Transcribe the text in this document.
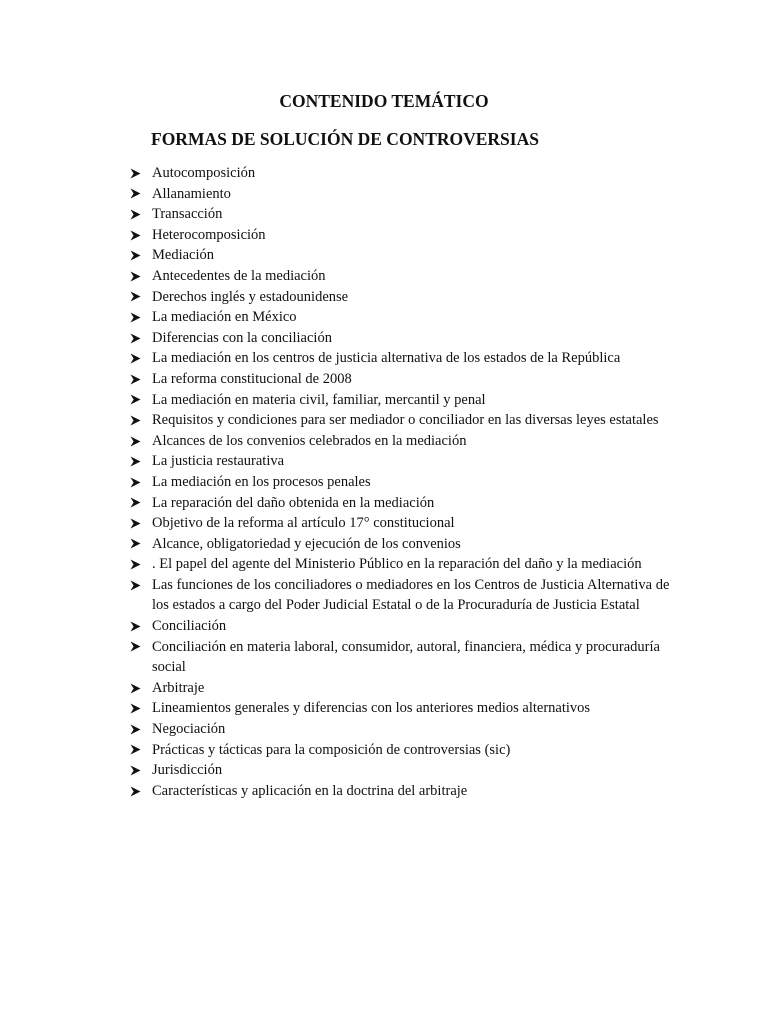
CONTENIDO TEMÁTICO
FORMAS DE SOLUCIÓN DE CONTROVERSIAS
Autocomposición
Allanamiento
Transacción
Heterocomposición
Mediación
Antecedentes de la mediación
Derechos inglés y estadounidense
La mediación en México
Diferencias con la conciliación
La mediación en los centros de justicia alternativa de los estados de la República
La reforma constitucional de 2008
La mediación en materia civil, familiar, mercantil y penal
Requisitos y condiciones para ser mediador o conciliador en las diversas leyes estatales
Alcances de los convenios celebrados en la mediación
La justicia restaurativa
La mediación en los procesos penales
La reparación del daño obtenida en la mediación
Objetivo de la reforma al artículo 17° constitucional
Alcance, obligatoriedad y ejecución de los convenios
. El papel del agente del Ministerio Público en la reparación del daño y la mediación
Las funciones de los conciliadores o mediadores en los Centros de Justicia Alternativa de los estados a cargo del Poder Judicial Estatal o de la Procuraduría de Justicia Estatal
Conciliación
Conciliación en materia laboral, consumidor, autoral, financiera, médica y procuraduría social
Arbitraje
Lineamientos generales y diferencias con los anteriores medios alternativos
Negociación
Prácticas y tácticas para la composición de controversias (sic)
Jurisdicción
Características y aplicación en la doctrina del arbitraje
